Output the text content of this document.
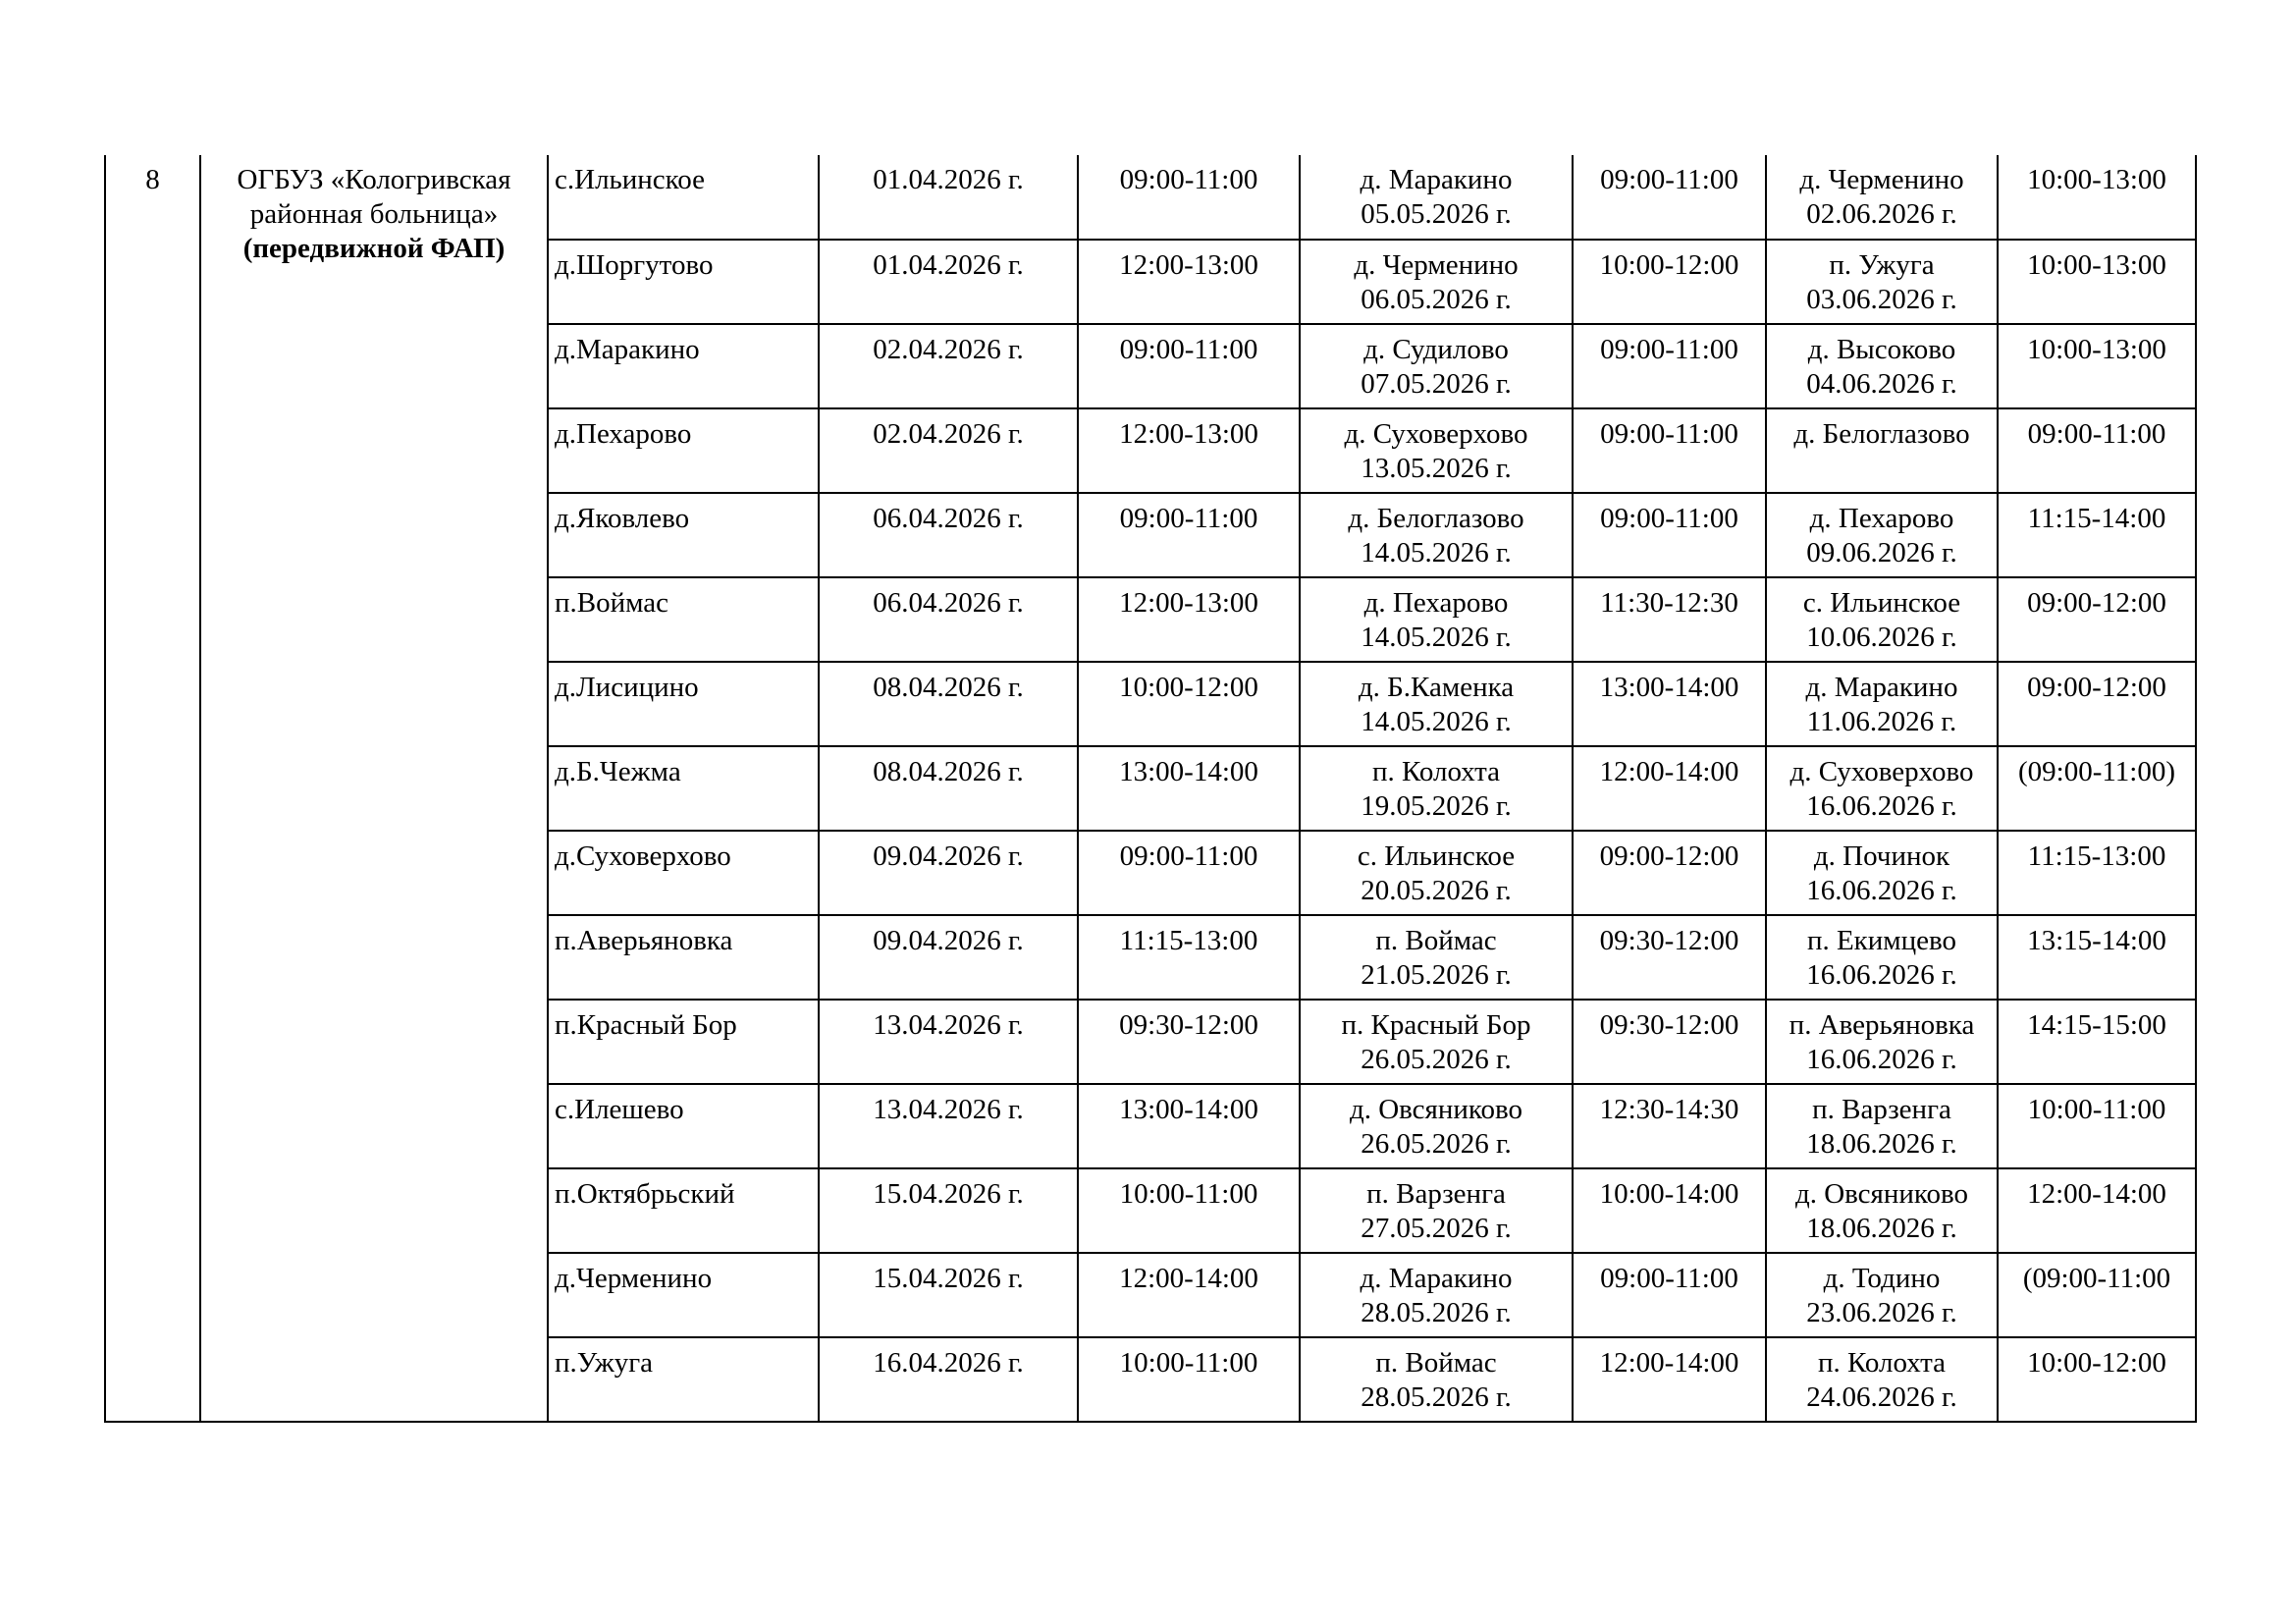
8	ОГБУЗ «Кологривская
районная больница»
(передвижной ФАП)	с.Ильинское	01.04.2026 г.	09:00-11:00	д. Маракино
05.05.2026 г.	09:00-11:00	д. Черменино
02.06.2026 г.	10:00-13:00
		д.Шоргутово	01.04.2026 г.	12:00-13:00	д. Черменино
06.05.2026 г.	10:00-12:00	п. Ужуга
03.06.2026 г.	10:00-13:00
		д.Маракино	02.04.2026 г.	09:00-11:00	д. Судилово
07.05.2026 г.	09:00-11:00	д. Высоково
04.06.2026 г.	10:00-13:00
		д.Пехарово	02.04.2026 г.	12:00-13:00	д. Суховерхово
13.05.2026 г.	09:00-11:00	д. Белоглазово	09:00-11:00
		д.Яковлево	06.04.2026 г.	09:00-11:00	д. Белоглазово
14.05.2026 г.	09:00-11:00	д. Пехарово
09.06.2026 г.	11:15-14:00
		п.Воймас	06.04.2026 г.	12:00-13:00	д. Пехарово
14.05.2026 г.	11:30-12:30	с. Ильинское
10.06.2026 г.	09:00-12:00
		д.Лисицино	08.04.2026 г.	10:00-12:00	д. Б.Каменка
14.05.2026 г.	13:00-14:00	д. Маракино
11.06.2026 г.	09:00-12:00
		д.Б.Чежма	08.04.2026 г.	13:00-14:00	п. Колохта
19.05.2026 г.	12:00-14:00	д. Суховерхово
16.06.2026 г.	(09:00-11:00)
		д.Суховерхово	09.04.2026 г.	09:00-11:00	с. Ильинское
20.05.2026 г.	09:00-12:00	д. Починок
16.06.2026 г.	11:15-13:00
		п.Аверьяновка	09.04.2026 г.	11:15-13:00	п. Воймас
21.05.2026 г.	09:30-12:00	п. Екимцево
16.06.2026 г.	13:15-14:00
		п.Красный Бор	13.04.2026 г.	09:30-12:00	п. Красный Бор
26.05.2026 г.	09:30-12:00	п. Аверьяновка
16.06.2026 г.	14:15-15:00
		с.Илешево	13.04.2026 г.	13:00-14:00	д. Овсяниково
26.05.2026 г.	12:30-14:30	п. Варзенга
18.06.2026 г.	10:00-11:00
		п.Октябрьский	15.04.2026 г.	10:00-11:00	п. Варзенга
27.05.2026 г.	10:00-14:00	д. Овсяниково
18.06.2026 г.	12:00-14:00
		д.Черменино	15.04.2026 г.	12:00-14:00	д. Маракино
28.05.2026 г.	09:00-11:00	д. Тодино
23.06.2026 г.	(09:00-11:00
		п.Ужуга	16.04.2026 г.	10:00-11:00	п. Воймас
28.05.2026 г.	12:00-14:00	п. Колохта
24.06.2026 г.	10:00-12:00
